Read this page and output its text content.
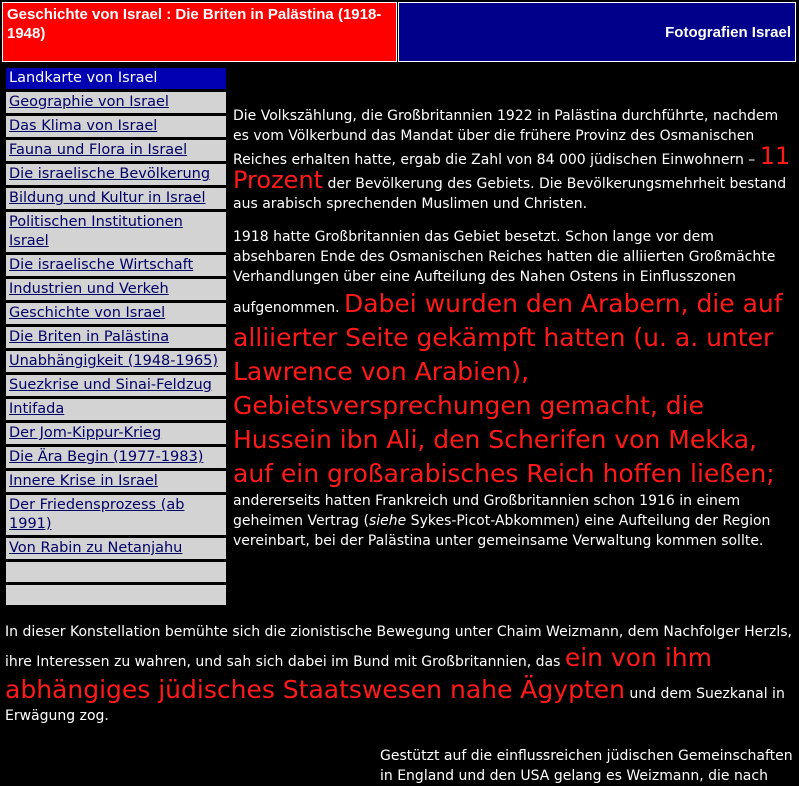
Geschichte von Israel : Die Briten in Palästina (1918-1948)	Fotografien Israel
Landkarte von Israel
Geographie von Israel
Das Klima von Israel
Fauna und Flora in Israel
Die israelische Bevölkerung
Bildung und Kultur in Israel
Politischen Institutionen Israel
Die israelische Wirtschaft
Industrien und Verkeh
Geschichte von Israel
Die Briten in Palästina
Unabhängigkeit (1948-1965)
Suezkrise und Sinai-Feldzug
Intifada
Der Jom-Kippur-Krieg
Die Ära Begin (1977-1983)
Innere Krise in Israel
Der Friedensprozess (ab 1991)
Von Rabin zu Netanjahu

Die Volkszählung, die Großbritannien 1922 in Palästina durchführte, nachdem es vom Völkerbund das Mandat über die frühere Provinz des Osmanischen Reiches erhalten hatte, ergab die Zahl von 84 000 jüdischen Einwohnern – 11 Prozent der Bevölkerung des Gebiets. Die Bevölkerungsmehrheit bestand aus arabisch sprechenden Muslimen und Christen.

1918 hatte Großbritannien das Gebiet besetzt. Schon lange vor dem absehbaren Ende des Osmanischen Reiches hatten die alliierten Großmächte Verhandlungen über eine Aufteilung des Nahen Ostens in Einflusszonen aufgenommen. Dabei wurden den Arabern, die auf alliierter Seite gekämpft hatten (u. a. unter Lawrence von Arabien), Gebietsversprechungen gemacht, die Hussein ibn Ali, den Scherifen von Mekka, auf ein großarabisches Reich hoffen ließen; andererseits hatten Frankreich und Großbritannien schon 1916 in einem geheimen Vertrag (siehe Sykes-Picot-Abkommen) eine Aufteilung der Region vereinbart, bei der Palästina unter gemeinsame Verwaltung kommen sollte.

In dieser Konstellation bemühte sich die zionistische Bewegung unter Chaim Weizmann, dem Nachfolger Herzls, ihre Interessen zu wahren, und sah sich dabei im Bund mit Großbritannien, das ein von ihm abhängiges jüdisches Staatswesen nahe Ägypten und dem Suezkanal in Erwägung zog.
Gestützt auf die einflussreichen jüdischen Gemeinschaften in England und den USA gelang es Weizmann, die nach
